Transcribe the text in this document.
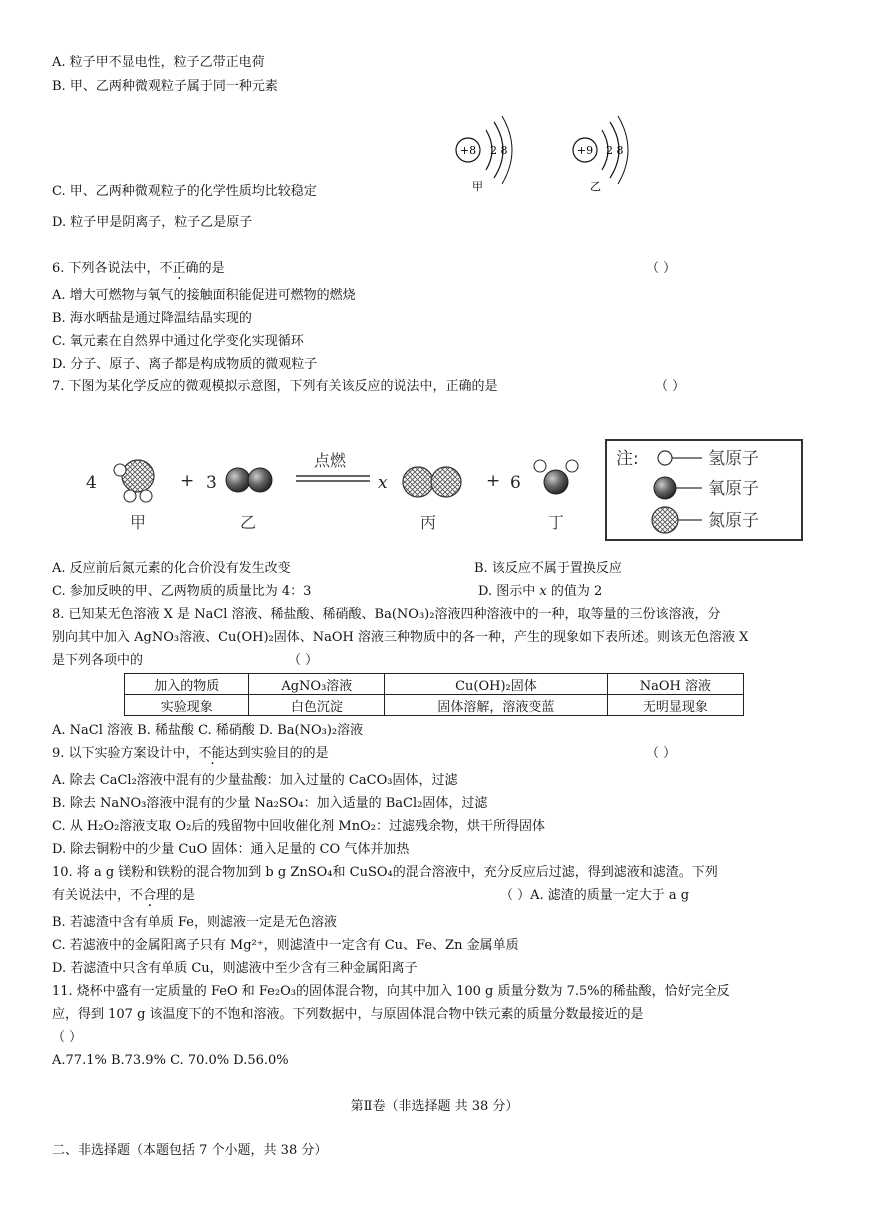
A. 粒子甲不显电性，粒子乙带正电荷
B. 甲、乙两种微观粒子属于同一种元素
+8 2 8
甲
+9 2 8
乙
C. 甲、乙两种微观粒子的化学性质均比较稳定
D. 粒子甲是阴离子，粒子乙是原子
6. 下列各说法中，不正确的是	（ ）
A. 增大可燃物与氧气的接触面积能促进可燃物的燃烧
B. 海水晒盐是通过降温结晶实现的
C. 氧元素在自然界中通过化学变化实现循环
D. 分子、原子、离子都是构成物质的微观粒子
7. 下图为某化学反应的微观模拟示意图，下列有关该反应的说法中，正确的是	（ ）
4	+ 3	x	+ 6
甲	乙
点燃
丙	丁
注:	氢原子
氧原子
氮原子
A. 反应前后氮元素的化合价没有发生改变	B. 该反应不属于置换反应
C. 参加反映的甲、乙两物质的质量比为 4：3	D. 图示中 x 的值为 2
8. 已知某无色溶液 X 是 NaCl 溶液、稀盐酸、稀硝酸、Ba(NO₃)₂溶液四种溶液中的一种，取等量的三份该溶液，分
别向其中加入 AgNO₃溶液、Cu(OH)₂固体、NaOH 溶液三种物质中的各一种，产生的现象如下表所述。则该无色溶液 X
是下列各项中的	（ ）
加入的物质	AgNO₃溶液	Cu(OH)₂固体	NaOH 溶液
实验现象	白色沉淀	固体溶解，溶液变蓝	无明显现象
A. NaCl 溶液 B. 稀盐酸 C. 稀硝酸 D. Ba(NO₃)₂溶液
9. 以下实验方案设计中，不能达到实验目的的是	（ ）
A. 除去 CaCl₂溶液中混有的少量盐酸：加入过量的 CaCO₃固体，过滤
B. 除去 NaNO₃溶液中混有的少量 Na₂SO₄：加入适量的 BaCl₂固体，过滤
C. 从 H₂O₂溶液支取 O₂后的残留物中回收催化剂 MnO₂：过滤残余物，烘干所得固体
D. 除去铜粉中的少量 CuO 固体：通入足量的 CO 气体并加热
10. 将 a g 镁粉和铁粉的混合物加到 b g ZnSO₄和 CuSO₄的混合溶液中，充分反应后过滤，得到滤液和滤渣。下列
有关说法中，不合理的是	（ ）A. 滤渣的质量一定大于 a g
B. 若滤渣中含有单质 Fe，则滤液一定是无色溶液
C. 若滤液中的金属阳离子只有 Mg²⁺，则滤渣中一定含有 Cu、Fe、Zn 金属单质
D. 若滤渣中只含有单质 Cu，则滤液中至少含有三种金属阳离子
11. 烧杯中盛有一定质量的 FeO 和 Fe₂O₃的固体混合物，向其中加入 100 g 质量分数为 7.5%的稀盐酸，恰好完全反
应，得到 107 g 该温度下的不饱和溶液。下列数据中，与原固体混合物中铁元素的质量分数最接近的是
（ ）
A.77.1% B.73.9% C. 70.0% D.56.0%
第Ⅱ卷（非选择题 共 38 分）
二、非选择题（本题包括 7 个小题，共 38 分）
